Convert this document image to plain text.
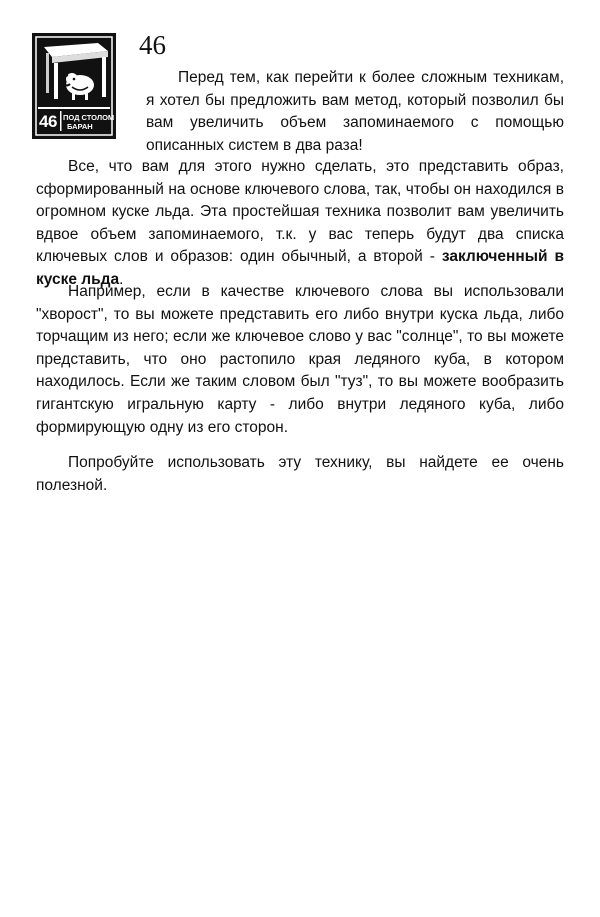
46 ПОД СТОЛОМ
БАРАН
46

Перед тем, как перейти к более сложным техникам, я хотел бы предложить вам метод, который позволил бы вам увеличить объем запоминаемого с помощью описанных систем в два раза!

Все, что вам для этого нужно сделать, это представить образ, сформированный на основе ключевого слова, так, чтобы он находился в огромном куске льда. Эта простейшая техника позволит вам увеличить вдвое объем запоминаемого, т.к. у вас теперь будут два списка ключевых слов и образов: один обычный, а второй - заключенный в куске льда.

Например, если в качестве ключевого слова вы использовали "хворост", то вы можете представить его либо внутри куска льда, либо торчащим из него; если же ключевое слово у вас "солнце", то вы можете представить, что оно растопило края ледяного куба, в котором находилось. Если же таким словом был "туз", то вы можете вообразить гигантскую игральную карту - либо внутри ледяного куба, либо формирующую одну из его сторон.

Попробуйте использовать эту технику, вы найдете ее очень полезной.
